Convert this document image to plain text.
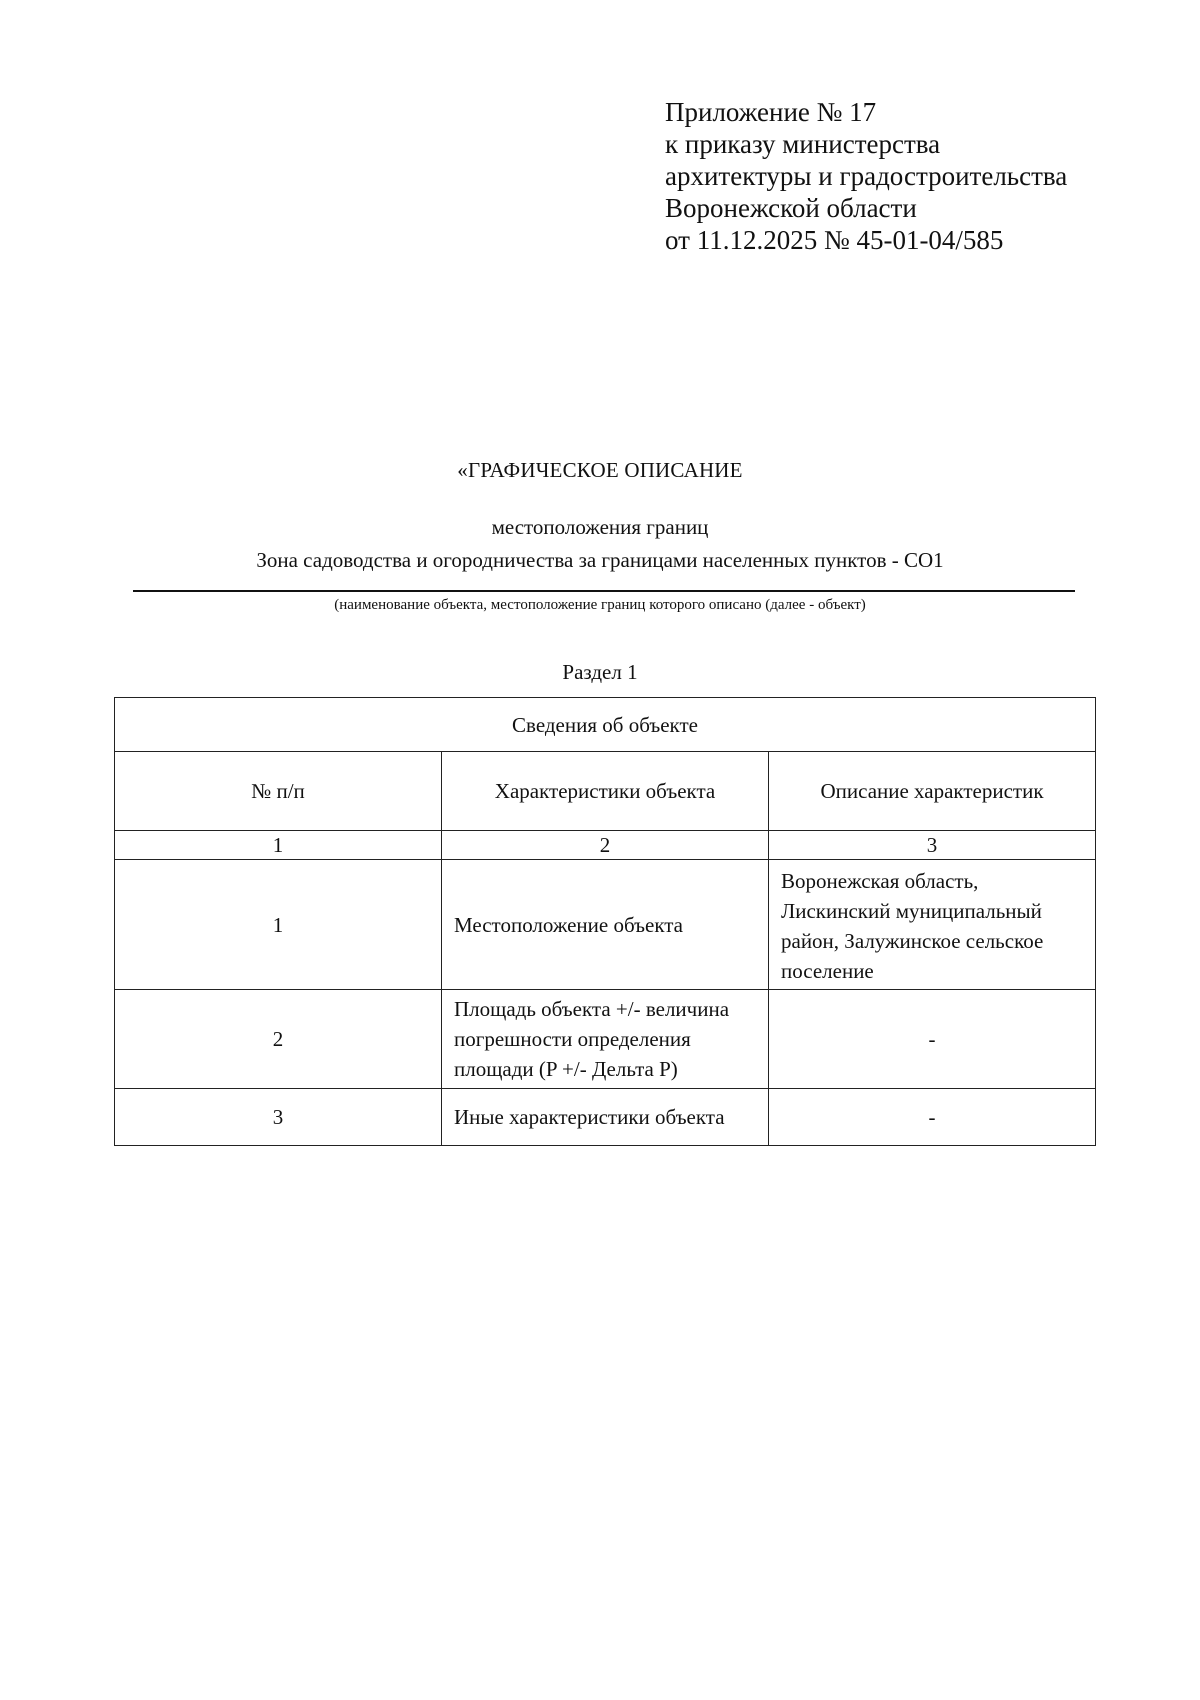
Приложение № 17
к приказу министерства
архитектуры и градостроительства
Воронежской области
от 11.12.2025 № 45-01-04/585
«ГРАФИЧЕСКОЕ ОПИСАНИЕ
местоположения границ
Зона садоводства и огородничества за границами населенных пунктов - СО1
(наименование объекта, местоположение границ которого описано (далее - объект)
Раздел 1
Сведения об объекте		
№ п/п	Характеристики объекта	Описание характеристик
1	2	3
1	Местоположение объекта	Воронежская область, Лискинский муниципальный район, Залужинское сельское поселение
2	Площадь объекта +/- величина погрешности определения площади (P +/- Дельта P)	-
3	Иные характеристики объекта	-
